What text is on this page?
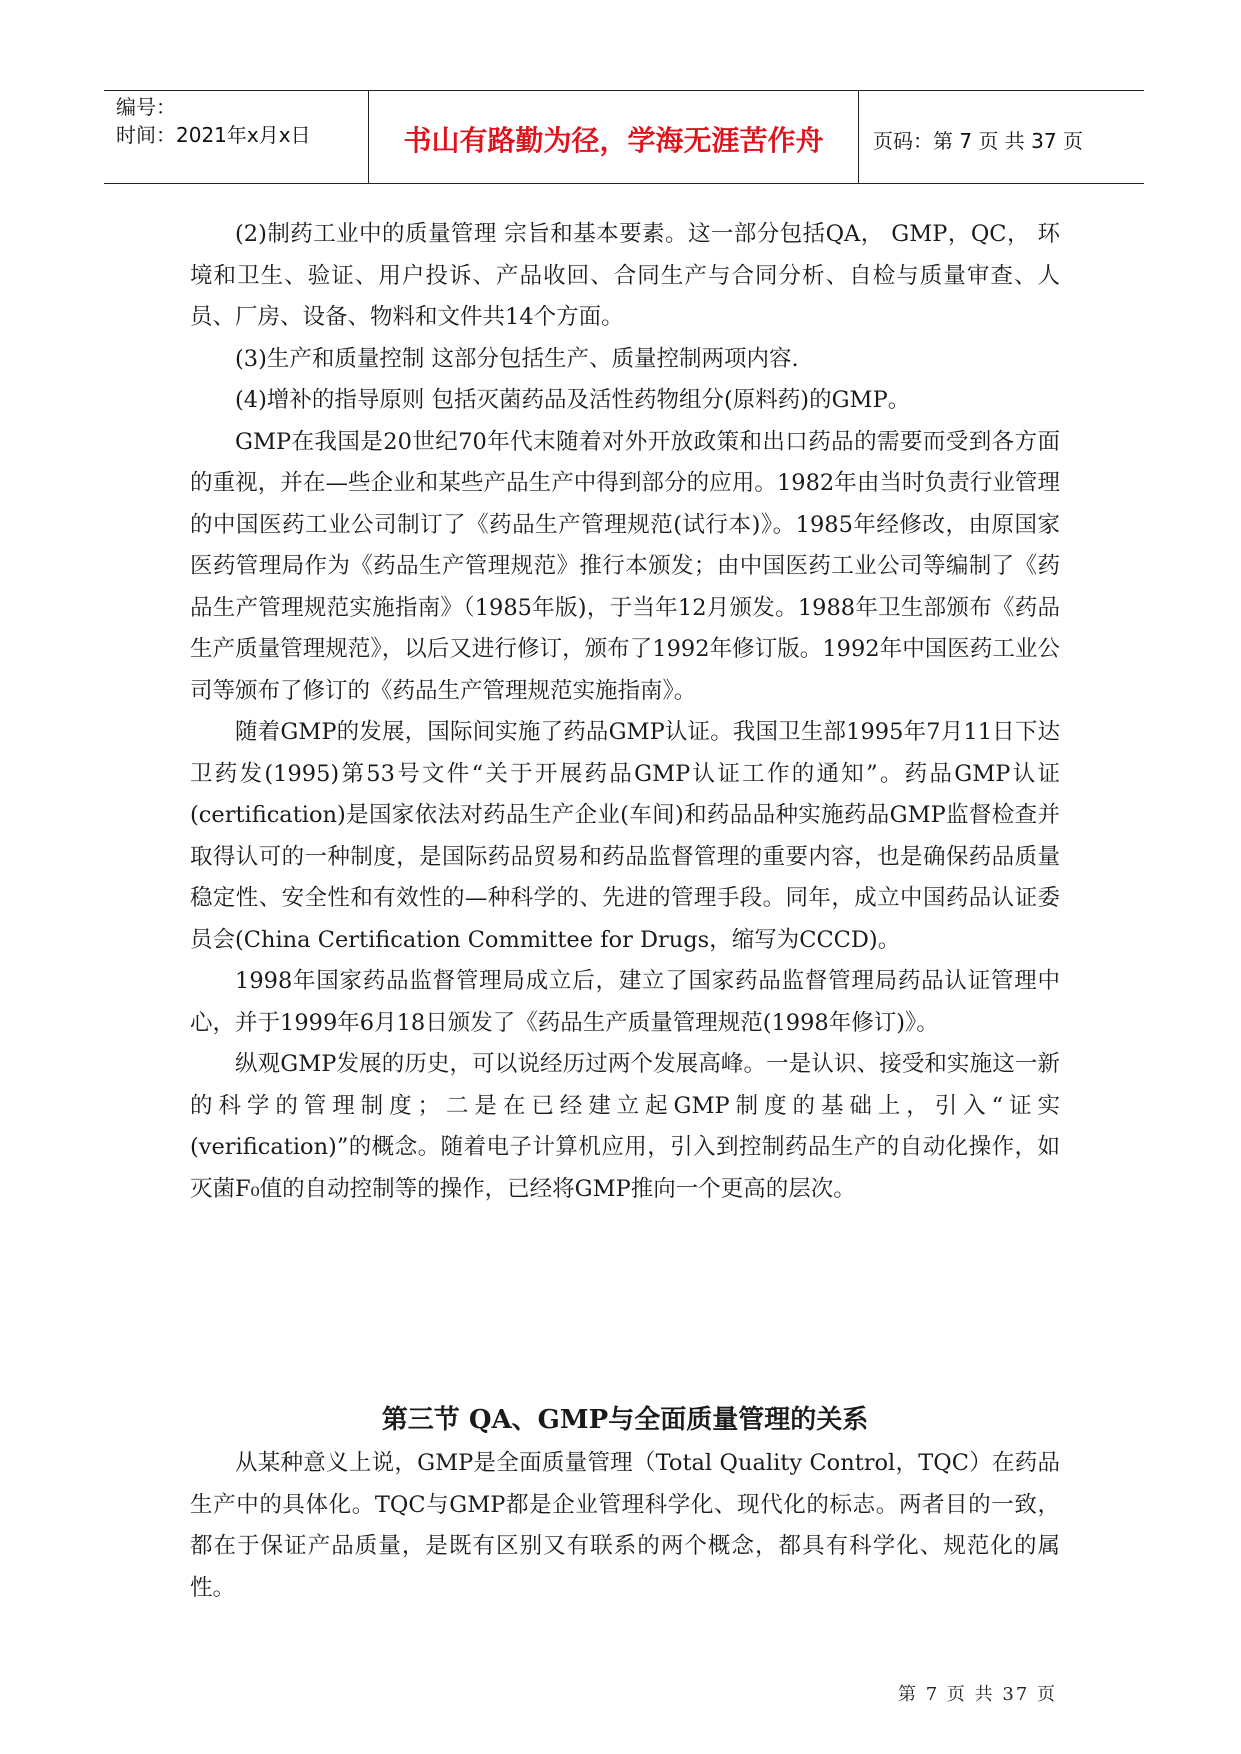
编号：
时间：2021年x月x日	书山有路勤为径，学海无涯苦作舟	页码：第 7 页 共 37 页

(2)制药工业中的质量管理 宗旨和基本要素。这一部分包括QA， GMP，QC， 环境和卫生、验证、用户投诉、产品收回、合同生产与合同分析、自检与质量审查、人员、厂房、设备、物料和文件共14个方面。

(3)生产和质量控制 这部分包括生产、质量控制两项内容.

(4)增补的指导原则 包括灭菌药品及活性药物组分(原料药)的GMP。

GMP在我国是20世纪70年代末随着对外开放政策和出口药品的需要而受到各方面的重视，并在—些企业和某些产品生产中得到部分的应用。1982年由当时负责行业管理的中国医药工业公司制订了《药品生产管理规范(试行本)》。1985年经修改，由原国家医药管理局作为《药品生产管理规范》推行本颁发；由中国医药工业公司等编制了《药品生产管理规范实施指南》（1985年版)，于当年12月颁发。1988年卫生部颁布《药品生产质量管理规范》，以后又进行修订，颁布了1992年修订版。1992年中国医药工业公司等颁布了修订的《药品生产管理规范实施指南》。

随着GMP的发展，国际间实施了药品GMP认证。我国卫生部1995年7月11日下达卫药发(1995)第53号文件“关于开展药品GMP认证工作的通知”。药品GMP认证(certification)是国家依法对药品生产企业(车间)和药品品种实施药品GMP监督检查并取得认可的一种制度，是国际药品贸易和药品监督管理的重要内容，也是确保药品质量稳定性、安全性和有效性的—种科学的、先进的管理手段。同年，成立中国药品认证委员会(China Certification Committee for Drugs，缩写为CCCD)。

1998年国家药品监督管理局成立后，建立了国家药品监督管理局药品认证管理中心，并于1999年6月18日颁发了《药品生产质量管理规范(1998年修订)》。

纵观GMP发展的历史，可以说经历过两个发展高峰。一是认识、接受和实施这一新的科学的管理制度；二是在已经建立起GMP制度的基础上，引入“证实(verification)”的概念。随着电子计算机应用，引入到控制药品生产的自动化操作，如灭菌F₀值的自动控制等的操作，已经将GMP推向一个更高的层次。

第三节 QA、GMP与全面质量管理的关系

从某种意义上说，GMP是全面质量管理（Total Quality Control，TQC）在药品生产中的具体化。TQC与GMP都是企业管理科学化、现代化的标志。两者目的一致，都在于保证产品质量，是既有区别又有联系的两个概念，都具有科学化、规范化的属性。

第 7 页 共 37 页
